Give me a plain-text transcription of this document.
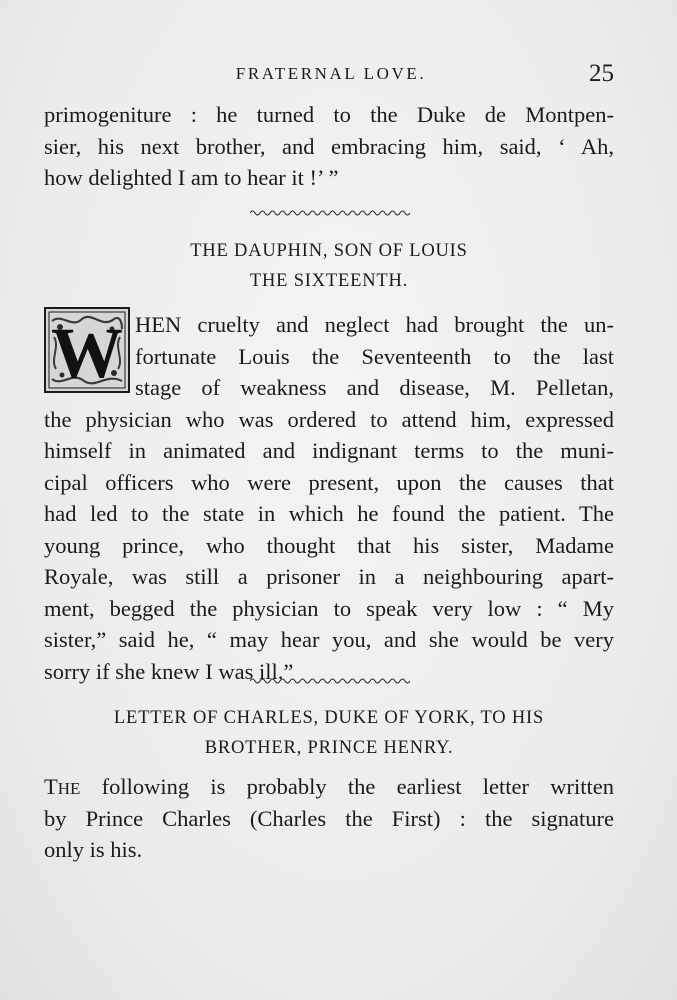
FRATERNAL LOVE.	25
primogeniture : he turned to the Duke de Montpen-
sier, his next brother, and embracing him, said, ‘ Ah,
how delighted I am to hear it !’ ”
THE DAUPHIN, SON OF LOUIS
THE SIXTEENTH.
W HEN cruelty and neglect had brought the un-
fortunate Louis the Seventeenth to the last
stage of weakness and disease, M. Pelletan,
the physician who was ordered to attend him, expressed
himself in animated and indignant terms to the muni-
cipal officers who were present, upon the causes that
had led to the state in which he found the patient. The
young prince, who thought that his sister, Madame
Royale, was still a prisoner in a neighbouring apart-
ment, begged the physician to speak very low : “ My
sister,” said he, “ may hear you, and she would be very
sorry if she knew I was ill.”
LETTER OF CHARLES, DUKE OF YORK, TO HIS
BROTHER, PRINCE HENRY.
THE following is probably the earliest letter written
by Prince Charles (Charles the First) : the signature
only is his.
